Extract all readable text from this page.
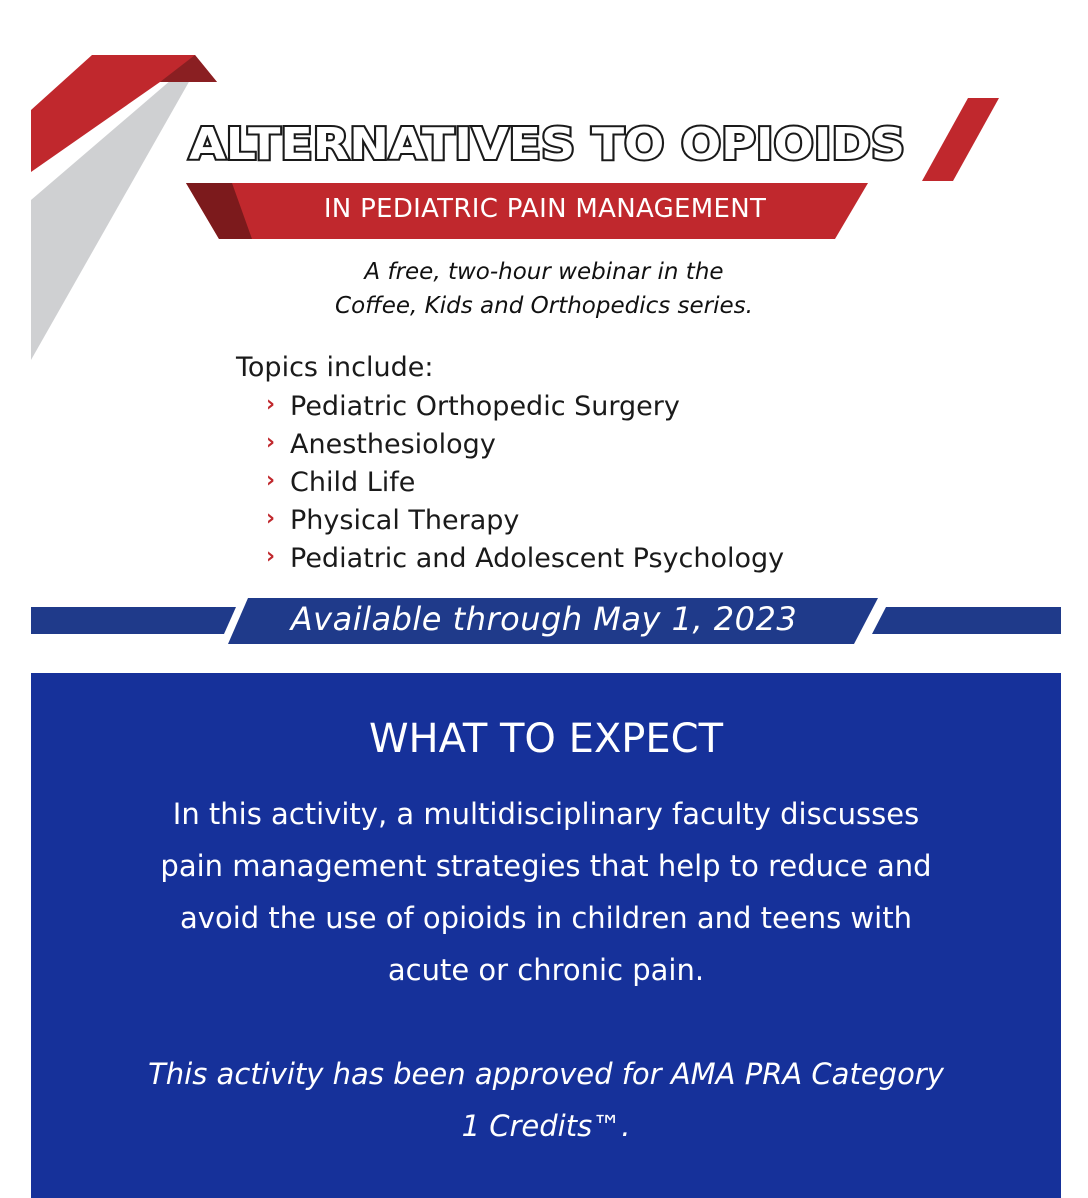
ALTERNATIVES TO OPIOIDS
IN PEDIATRIC PAIN MANAGEMENT
A free, two-hour webinar in the
Coffee, Kids and Orthopedics series.
Topics include:
› Pediatric Orthopedic Surgery
› Anesthesiology
› Child Life
› Physical Therapy
› Pediatric and Adolescent Psychology
Available through May 1, 2023
WHAT TO EXPECT

In this activity, a multidisciplinary faculty discusses pain management strategies that help to reduce and avoid the use of opioids in children and teens with acute or chronic pain.

This activity has been approved for AMA PRA Category 1 Credits™.
